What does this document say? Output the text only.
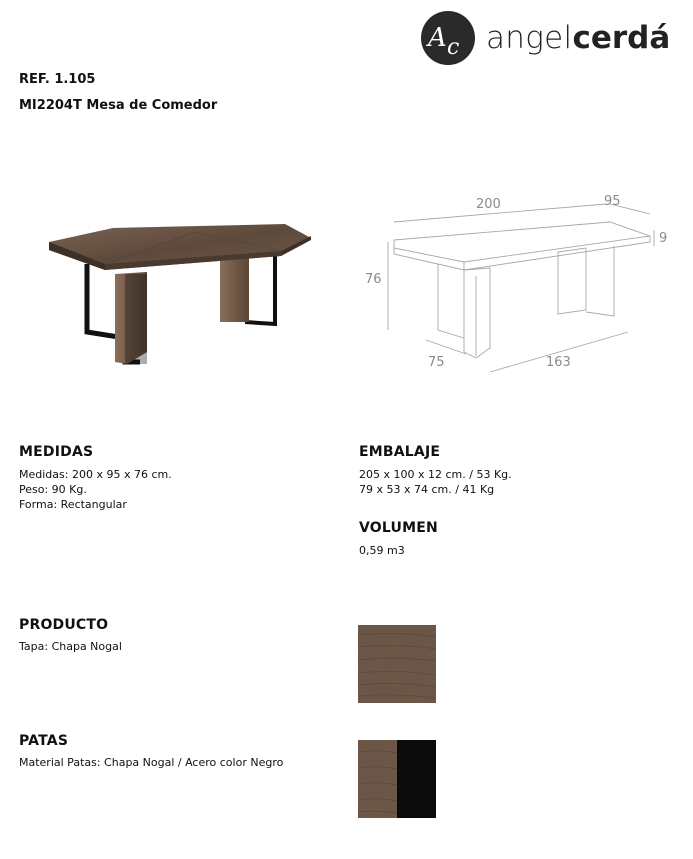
A c angelcerdá
REF. 1.105
MI2204T Mesa de Comedor
200	95
9
76
75	163
MEDIDAS
Medidas: 200 x 95 x 76 cm.
Peso: 90 Kg.
Forma: Rectangular
EMBALAJE
205 x 100 x 12 cm. / 53 Kg.
79 x 53 x 74 cm. / 41 Kg
VOLUMEN
0,59 m3
PRODUCTO
Tapa: Chapa Nogal
PATAS
Material Patas: Chapa Nogal / Acero color Negro
